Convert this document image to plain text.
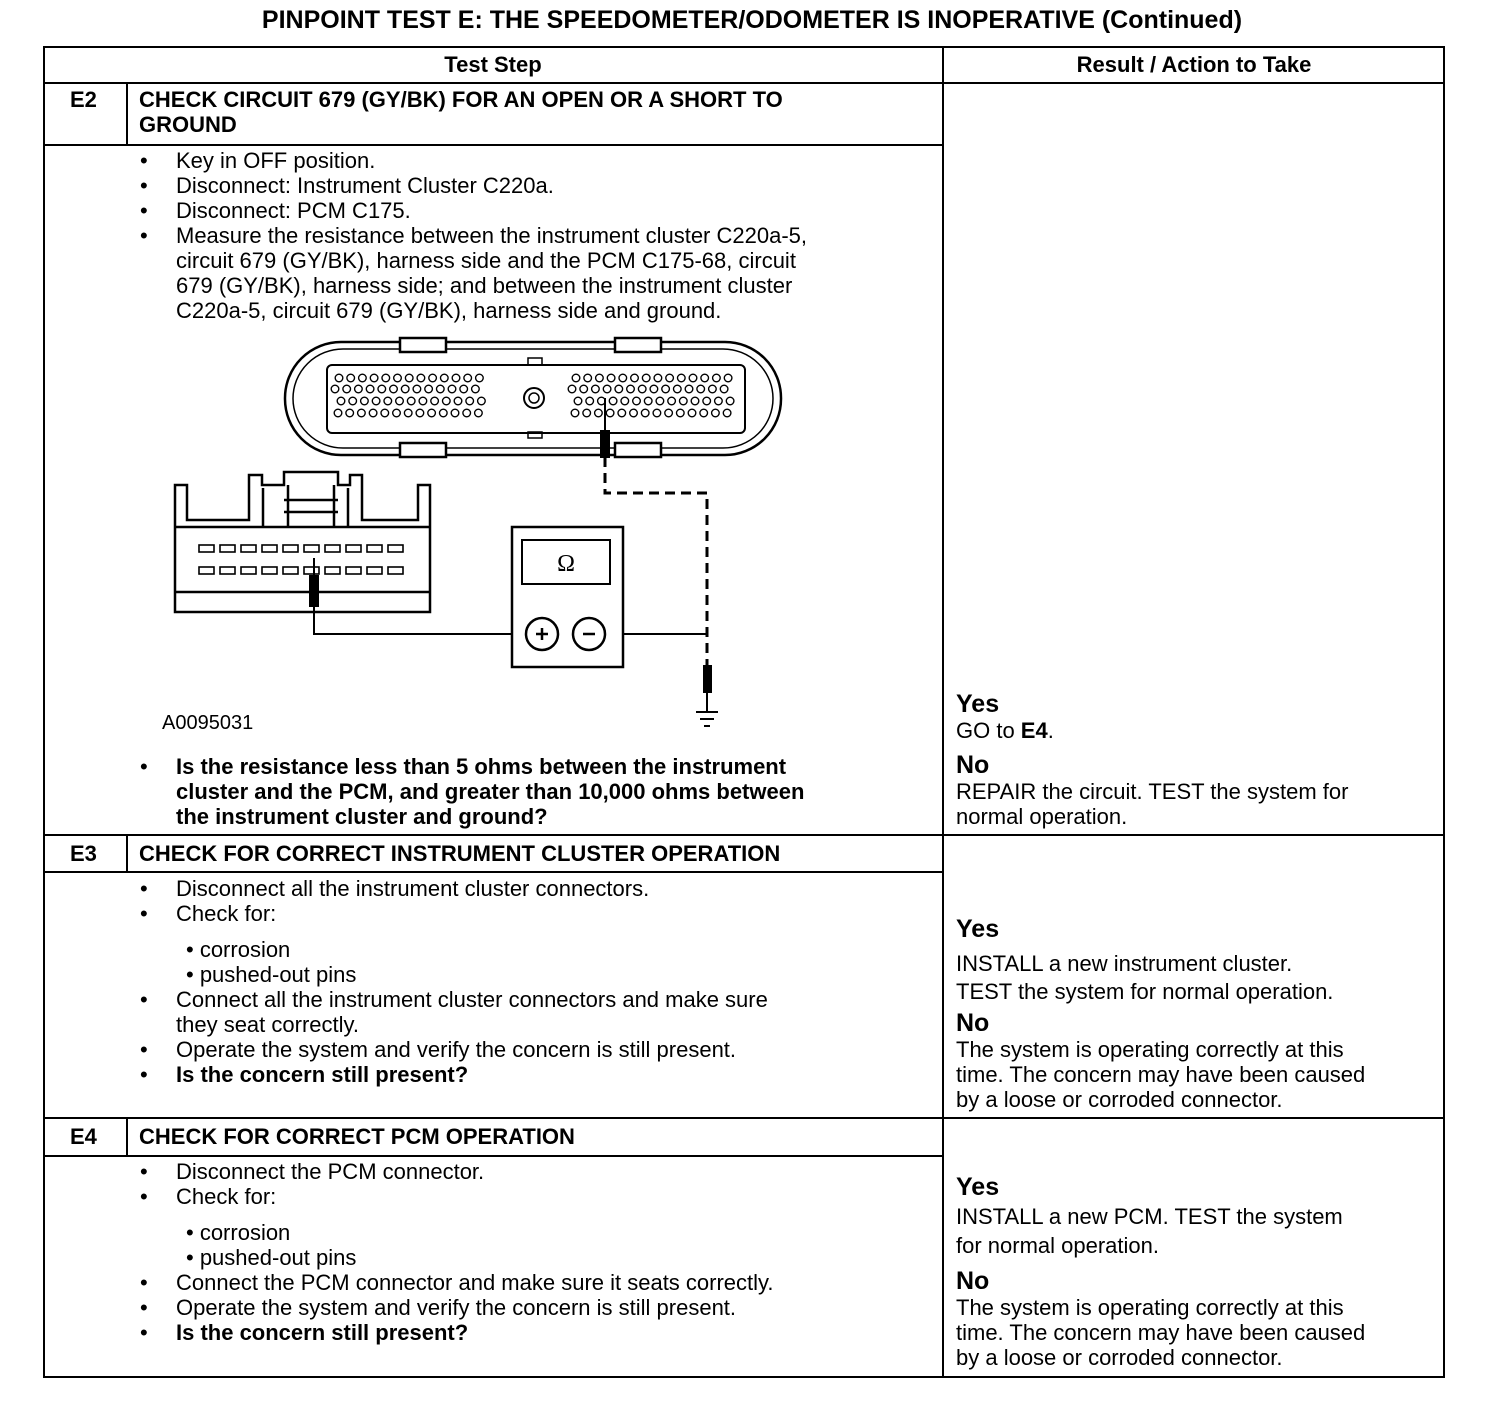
PINPOINT TEST E: THE SPEEDOMETER/ODOMETER IS INOPERATIVE (Continued)
Test Step	Result / Action to Take
E2 CHECK CIRCUIT 679 (GY/BK) FOR AN OPEN OR A SHORT TO
GROUND
• Key in OFF position.
• Disconnect: Instrument Cluster C220a.
• Disconnect: PCM C175.
• Measure the resistance between the instrument cluster C220a-5,
circuit 679 (GY/BK), harness side and the PCM C175-68, circuit
679 (GY/BK), harness side; and between the instrument cluster
C220a-5, circuit 679 (GY/BK), harness side and ground.
Ω
A0095031
• Is the resistance less than 5 ohms between the instrument
cluster and the PCM, and greater than 10,000 ohms between
the instrument cluster and ground?
Yes
GO to E4.
No
REPAIR the circuit. TEST the system for
normal operation.
E3 CHECK FOR CORRECT INSTRUMENT CLUSTER OPERATION
• Disconnect all the instrument cluster connectors.
• Check for:
• corrosion
• pushed-out pins
• Connect all the instrument cluster connectors and make sure
they seat correctly.
• Operate the system and verify the concern is still present.
• Is the concern still present?
Yes
INSTALL a new instrument cluster.
TEST the system for normal operation.
No
The system is operating correctly at this
time. The concern may have been caused
by a loose or corroded connector.
E4 CHECK FOR CORRECT PCM OPERATION
• Disconnect the PCM connector.
• Check for:
• corrosion
• pushed-out pins
• Connect the PCM connector and make sure it seats correctly.
• Operate the system and verify the concern is still present.
• Is the concern still present?
Yes
INSTALL a new PCM. TEST the system
for normal operation.
No
The system is operating correctly at this
time. The concern may have been caused
by a loose or corroded connector.
